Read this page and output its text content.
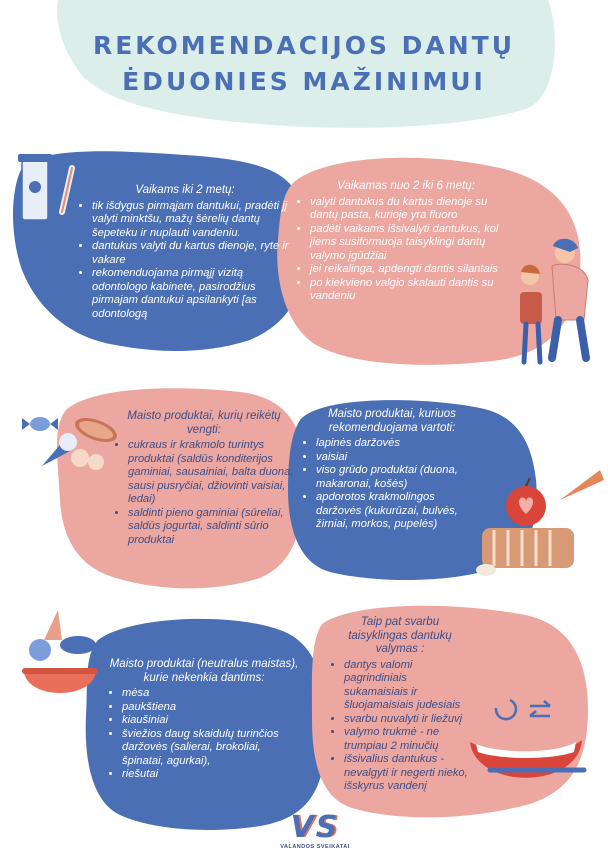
REKOMENDACIJOS DANTŲ
ĖDUONIES MAŽINIMUI
Vaikams iki 2 metų:
• tik išdygus pirmąjam dantukui, pradėti jį valyti minktšu, mažų šėrelių dantų šepeteku ir nuplauti vandeniu.
• dantukus valyti du kartus dienoje, ryte ir vakare
• rekomenduojama pirmąjį vizitą odontologo kabinete, pasirodžius pirmajam dantukui apsilankyti [as odontologą
Vaikamas nuo 2 iki 6 metų:
• valyti dantukus du kartus dienoje su dantų pasta, kurioje yra fluoro
• padėti vaikams išsivalyti dantukus, kol jiems susiformuoja taisyklingi dantų valymo įgūdžiai
• jei reikalinga, apdengti dantis silantais
• po kiekvieno valgio skalauti dantis su vandeniu
Maisto produktai, kurių reikėtų vengti:
• cukraus ir krakmolo turintys produktai (saldūs konditerijos gaminiai, sausainiai, balta duona, sausi pusryčiai, džiovinti vaisiai, ledai)
• saldinti pieno gaminiai (sūreliai, saldūs jogurtai, saldinti sūrio produktai
Maisto produktai, kuriuos rekomenduojama vartoti:
• lapinės daržovės
• vaisiai
• viso grūdo produktai (duona, makaronai, košės)
• apdorotos krakmolingos daržovės (kukurūzai, bulvės, žirniai, morkos, pupelės)
Maisto produktai (neutralus maistas), kurie nekenkia dantims:
• mėsa
• paukštiena
• kiaušiniai
• šviežios daug skaidulų turinčios daržovės (salierai, brokoliai, špinatai, agurkai),
• riešutai
Taip pat svarbu taisyklingas dantukų valymas :
• dantys valomi pagrindiniais sukamaisiais ir šluojamaisiais judesiais
• svarbu nuvalyti ir liežuvį
• valymo trukmė - ne trumpiau 2 minučių
• išsivalius dantukus - nevalgyti ir negerti nieko, išskyrus vandenį
VS
VALANDOS SVEIKATAI
